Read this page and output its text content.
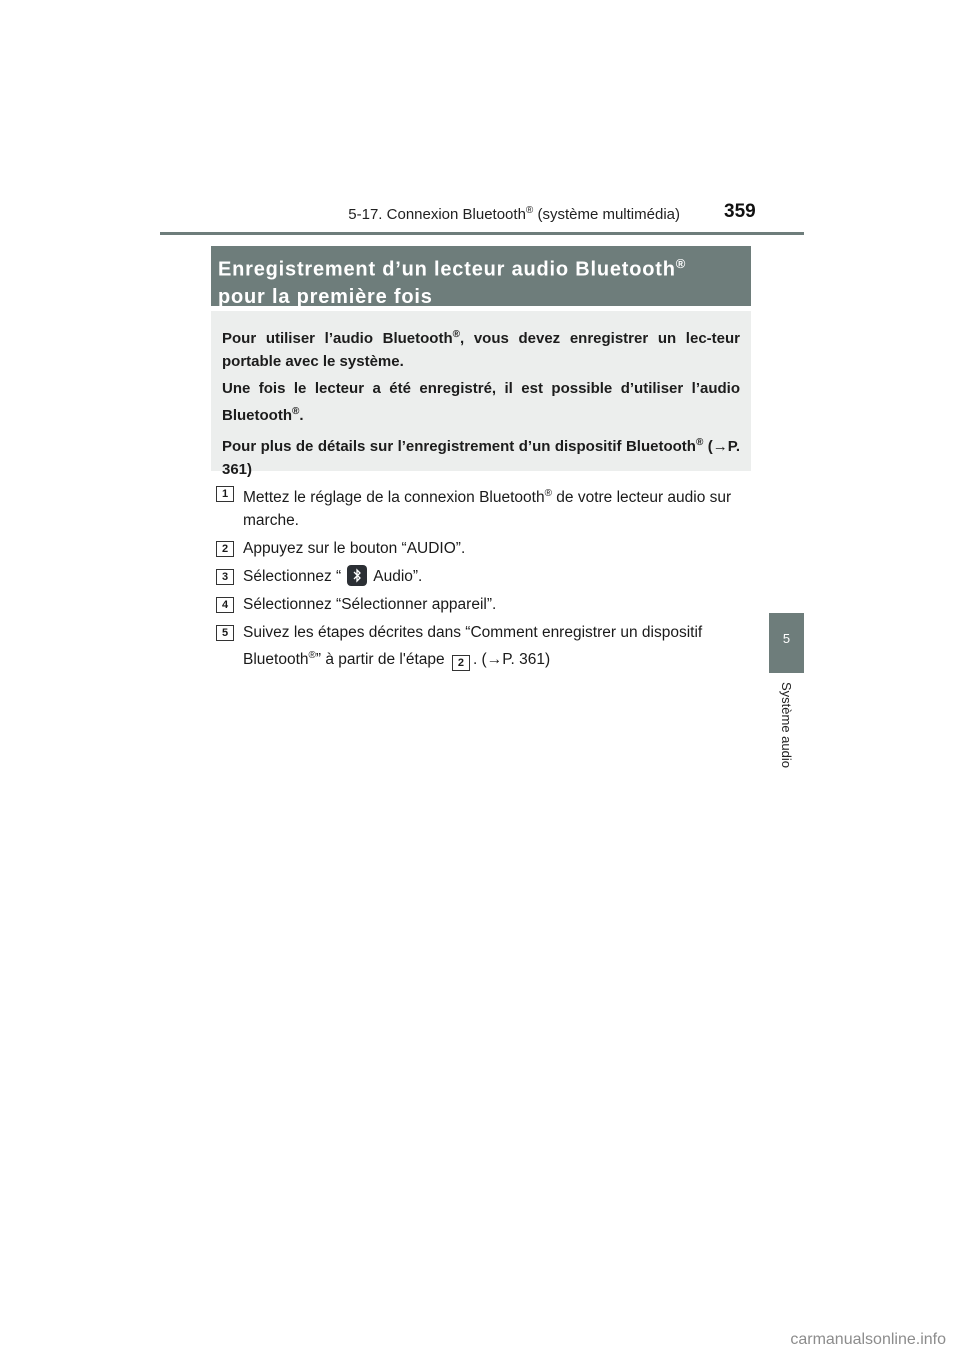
5-17. Connexion Bluetooth® (système multimédia) 359
5
Système audio
Enregistrement d’un lecteur audio Bluetooth®
pour la première fois

Pour utiliser l’audio Bluetooth®, vous devez enregistrer un lec-teur portable avec le système.

Une fois le lecteur a été enregistré, il est possible d’utiliser l’audio Bluetooth®.

Pour plus de détails sur l’enregistrement d’un dispositif Bluetooth® (→P. 361)

1 Mettez le réglage de la connexion Bluetooth® de votre lecteur audio sur marche.
2 Appuyez sur le bouton “AUDIO”.
3 Sélectionnez “ Audio”.
4 Sélectionnez “Sélectionner appareil”.
5 Suivez les étapes décrites dans “Comment enregistrer un dispositif Bluetooth®” à partir de l'étape 2 . (→P. 361)
carmanualsonline.info
